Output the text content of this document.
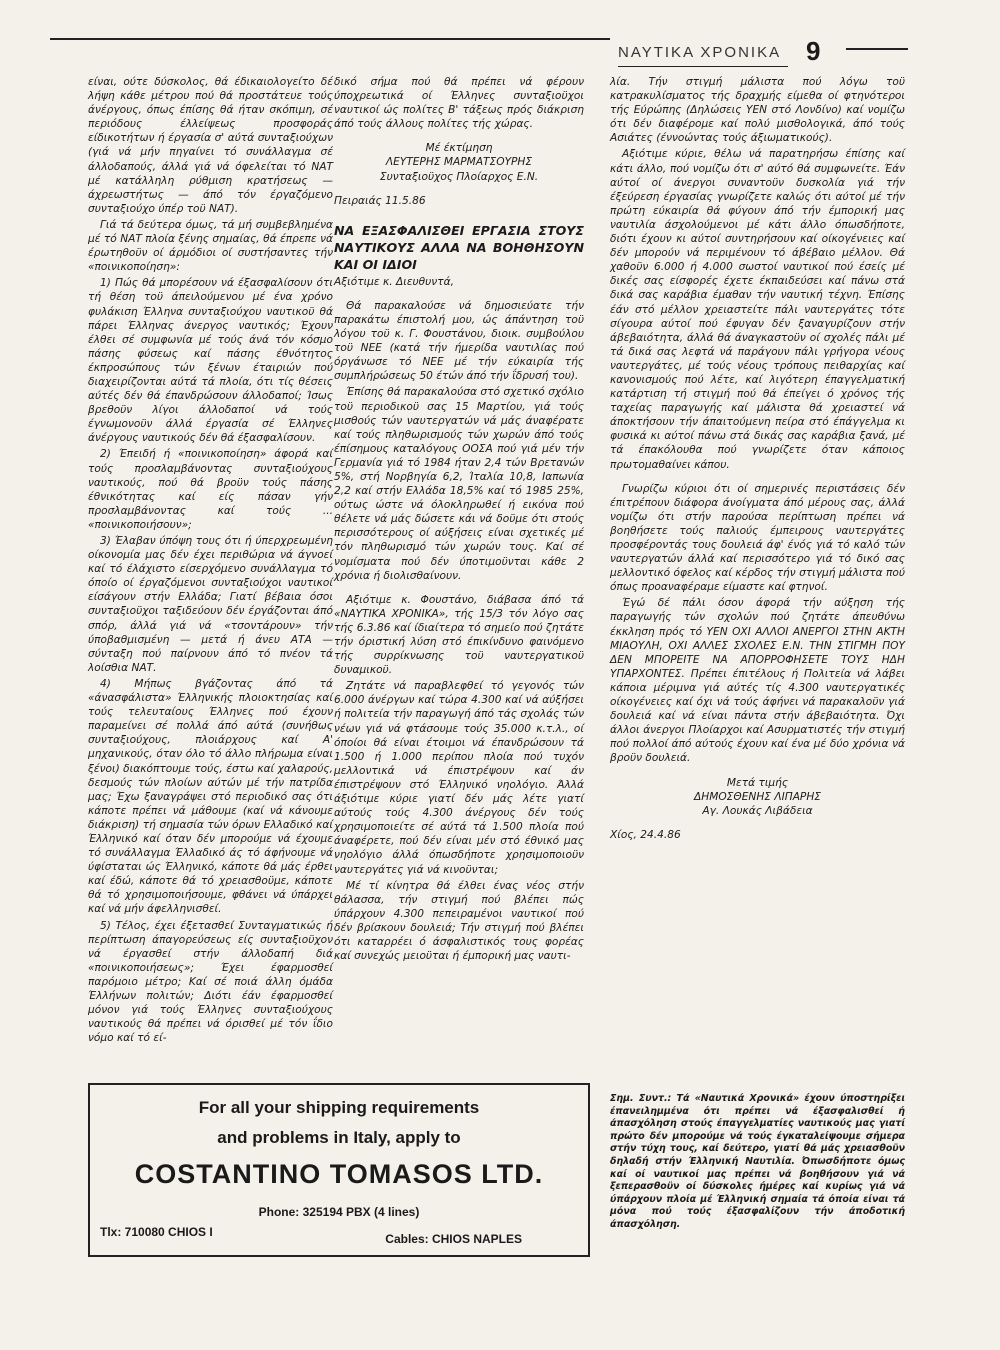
ΝΑΥΤΙΚΑ ΧΡΟΝΙΚΑ 9

είναι, ούτε δύσκολος, θά έδικαιολογείτο δέ λήψη κάθε μέτρου πού θά προστάτευε τούς άνέργους, όπως έπίσης θά ήταν σκόπιμη, σέ περιόδους έλλείψεως προσφοράς είδικοτήτων ή έργασία σ' αύτά συνταξιούχων (γιά νά μήν πηγαίνει τό συνάλλαγμα σέ άλλοδαπούς, άλλά γιά νά όφελείται τό ΝΑΤ μέ κατάλληλη ρύθμιση κρατήσεως — άχρεωστήτως — άπό τόν έργαζόμενο συνταξιούχο ύπέρ τοϋ ΝΑΤ).

Γιά τά δεύτερα όμως, τά μή συμβεβλημένα μέ τό ΝΑΤ πλοία ξένης σημαίας, θά έπρεπε νά έρωτηθοϋν οί άρμόδιοι οί συστήσαντες τήν «ποινικοποίηση»:

1) Πώς θά μπορέσουν νά έξασφαλίσουν ότι τή θέση τοϋ άπειλούμενου μέ ένα χρόνο φυλάκιση Έλληνα συνταξιούχου ναυτικοϋ θά πάρει Έλληνας άνεργος ναυτικός; Έχουν έλθει σέ συμφωνία μέ τούς άνά τόν κόσμο πάσης φύσεως καί πάσης έθνότητος έκπροσώπους τών ξένων έταιριών πού διαχειρίζονται αύτά τά πλοία, ότι τίς θέσεις αύτές δέν θά έπανδρώσουν άλλοδαποί; Ίσως βρεθοϋν λίγοι άλλοδαποί νά τούς έγνωμονοϋν άλλά έργασία σέ Έλληνες άνέργους ναυτικούς δέν θά έξασφαλίσουν.

2) Έπειδή ή «ποινικοποίηση» άφορά καί τούς προσλαμβάνοντας συνταξιούχους ναυτικούς, πού θά βροϋν τούς πάσης έθνικότητας καί είς πάσαν γήν προσλαμβάνοντας καί τούς ... «ποινικοποιήσουν»;

3) Έλαβαν ύπόψη τους ότι ή ύπερχρεωμένη οίκονομία μας δέν έχει περιθώρια νά άγνοεί καί τό έλάχιστο είσερχόμενο συνάλλαγμα τό όποίο οί έργαζόμενοι συνταξιούχοι ναυτικοί είσάγουν στήν Ελλάδα; Γιατί βέβαια όσοι συνταξιοϋχοι ταξιδεύουν δέν έργάζονται άπό σπόρ, άλλά γιά νά «τσοντάρουν» τήν ύποβαθμισμένη — μετά ή άνευ ΑΤΑ — σύνταξη πού παίρνουν άπό τό πνέον τά λοίσθια ΝΑΤ.

4) Μήπως βγάζοντας άπό τά «άνασφάλιστα» Έλληνικής πλοιοκτησίας καί τούς τελευταίους Έλληνες πού έχουν παραμείνει σέ πολλά άπό αύτά (συνήθως συνταξιούχους, πλοιάρχους καί Α' μηχανικούς, όταν όλο τό άλλο πλήρωμα είναι ξένοι) διακόπτουμε τούς, έστω καί χαλαρούς, δεσμούς τών πλοίων αύτών μέ τήν πατρίδα μας; Έχω ξαναγράψει στό περιοδικό σας ότι κάποτε πρέπει νά μάθουμε (καί νά κάνουμε διάκριση) τή σημασία τών όρων Ελλαδικό καί Έλληνικό καί όταν δέν μπορούμε νά έχουμε τό συνάλλαγμα Έλλαδικό άς τό άφήνουμε νά ύφίσταται ώς Έλληνικό, κάποτε θά μάς έρθει καί έδώ, κάποτε θά τό χρειασθοϋμε, κάποτε θά τό χρησιμοποιήσουμε, φθάνει νά ύπάρχει καί νά μήν άφελληνισθεί.

5) Τέλος, έχει έξετασθεί Συνταγματικώς ή περίπτωση άπαγορεύσεως είς συνταξιοϋχον νά έργασθεί στήν άλλοδαπή διά «ποινικοποιήσεως»; Έχει έφαρμοσθεί παρόμοιο μέτρο; Καί σέ ποιά άλλη όμάδα Έλλήνων πολιτών; Διότι έάν έφαρμοσθεί μόνον γιά τούς Έλληνες συνταξιούχους ναυτικούς θά πρέπει νά όρισθεί μέ τόν ΐδιο νόμο καί τό εί-

δικό σήμα πού θά πρέπει νά φέρουν ύποχρεωτικά οί Έλληνες συνταξιοϋχοι ναυτικοί ώς πολίτες Β' τάξεως πρός διάκριση άπό τούς άλλους πολίτες τής χώρας.

Μέ έκτίμηση

ΛΕΥΤΕΡΗΣ ΜΑΡΜΑΤΣΟΥΡΗΣ

Συνταξιοϋχος Πλοίαρχος Ε.Ν.

Πειραιάς 11.5.86

ΝΑ ΕΞΑΣΦΑΛΙΣΘΕΙ ΕΡΓΑΣΙΑ ΣΤΟΥΣ ΝΑΥΤΙΚΟΥΣ ΑΛΛΑ ΝΑ ΒΟΗΘΗΣΟΥΝ ΚΑΙ ΟΙ ΙΔΙΟΙ

Αξιότιμε κ. Διευθυντά,

Θά παρακαλούσε νά δημοσιεύατε τήν παρακάτω έπιστολή μου, ώς άπάντηση τοϋ λόγου τοϋ κ. Γ. Φουστάνου, διοικ. συμβούλου τοϋ ΝΕΕ (κατά τήν ήμερίδα ναυτιλίας πού όργάνωσε τό ΝΕΕ μέ τήν εύκαιρία τής συμπλήρώσεως 50 έτών άπό τήν ΐδρυσή του).

Έπίσης θά παρακαλούσα στό σχετικό σχόλιο τοϋ περιοδικοϋ σας 15 Μαρτίου, γιά τούς μισθούς τών ναυτεργατών νά μάς άναφέρατε καί τούς πληθωρισμούς τών χωρών άπό τούς έπίσημους καταλόγους ΟΟΣΑ πού γιά μέν τήν Γερμανία γιά τό 1984 ήταν 2,4 τών Βρετανών 5%, στή Νορβηγία 6,2, Ίταλία 10,8, Ιαπωνία 2,2 καί στήν Ελλάδα 18,5% καί τό 1985 25%, ούτως ώστε νά όλοκληρωθεί ή εικόνα πού θέλετε νά μάς δώσετε κάι νά δοϋμε ότι στούς περισσότερους οί αύξήσεις είναι σχετικές μέ τόν πληθωρισμό τών χωρών τους. Καί σέ νομίσματα πού δέν ύποτιμοϋνται κάθε 2 χρόνια ή διολισθαίνουν.

Αξιότιμε κ. Φουστάνο, διάβασα άπό τά «ΝΑΥΤΙΚΑ ΧΡΟΝΙΚΑ», τής 15/3 τόν λόγο σας τής 6.3.86 καί ίδιαίτερα τό σημείο πού ζητάτε τήν όριστική λύση στό έπικίνδυνο φαινόμενο τής συρρίκνωσης τοϋ ναυτεργατικοϋ δυναμικοϋ.

Ζητάτε νά παραβλεφθεί τό γεγονός τών 6.000 άνέργων καί τώρα 4.300 καί νά αύξήσει ή πολιτεία τήν παραγωγή άπό τάς σχολάς τών νέων γιά νά φτάσουμε τούς 35.000 κ.τ.λ., οί όποίοι θά είναι έτοιμοι νά έπανδρώσουν τά 1.500 ή 1.000 περίπου πλοία πού τυχόν μελλοντικά νά έπιστρέψουν καί άν έπιστρέψουν στό Έλληνικό νηολόγιο. Άλλά άξιότιμε κύριε γιατί δέν μάς λέτε γιατί αύτούς τούς 4.300 άνέργους δέν τούς χρησιμοποιείτε σέ αύτά τά 1.500 πλοία πού άναφέρετε, πού δέν είναι μέν στό έθνικό μας νηολόγιο άλλά όπωσδήποτε χρησιμοποιοϋν ναυτεργάτες γιά νά κινοϋνται;

Μέ τί κίνητρα θά έλθει ένας νέος στήν θάλασσα, τήν στιγμή πού βλέπει πώς ύπάρχουν 4.300 πεπειραμένοι ναυτικοί πού δέν βρίσκουν δουλειά; Τήν στιγμή πού βλέπει ότι καταρρέει ό άσφαλιστικός τους φορέας καί συνεχώς μειοϋται ή έμπορική μας ναυτι-

λία. Τήν στιγμή μάλιστα πού λόγω τοϋ κατρακυλίσματος τής δραχμής είμεθα οί φτηνότεροι τής Εύρώπης (Δηλώσεις ΥΕΝ στό Λονδίνο) καί νομίζω ότι δέν διαφέρομε καί πολύ μισθολογικά, άπό τούς Ασιάτες (έννοώντας τούς άξιωματικούς).

Αξιότιμε κύριε, θέλω νά παρατηρήσω έπίσης καί κάτι άλλο, πού νομίζω ότι σ' αύτό θά συμφωνείτε. Έάν αύτοί οί άνεργοι συναντοϋν δυσκολία γιά τήν έξεύρεση έργασίας γνωρίζετε καλώς ότι αύτοί μέ τήν πρώτη εύκαιρία θά φύγουν άπό τήν έμπορική μας ναυτιλία άσχολούμενοι μέ κάτι άλλο όπωσδήποτε, διότι έχουν κι αύτοί συντηρήσουν καί οίκογένειες καί δέν μπορούν νά περιμένουν τό άβέβαιο μέλλον. Θά χαθοϋν 6.000 ή 4.000 σωστοί ναυτικοί πού έσείς μέ δικές σας είσφορές έχετε έκπαιδεύσει καί πάνω στά δικά σας καράβια έμαθαν τήν ναυτική τέχνη. Έπίσης έάν στό μέλλον χρειαστείτε πάλι ναυτεργάτες τότε σίγουρα αύτοί πού έφυγαν δέν ξαναγυρίζουν στήν άβεβαιότητα, άλλά θά άναγκαστοϋν οί σχολές πάλι μέ τά δικά σας λεφτά νά παράγουν πάλι γρήγορα νέους ναυτεργάτες, μέ τούς νέους τρόπους πειθαρχίας καί κανονισμούς πού λέτε, καί λιγότερη έπαγγελματική κατάρτιση τή στιγμή πού θά έπείγει ό χρόνος τής ταχείας παραγωγής καί μάλιστα θά χρειαστεί νά άποκτήσουν τήν άπαιτούμενη πείρα στό έπάγγελμα κι φυσικά κι αύτοί πάνω στά δικάς σας καράβια ξανά, μέ τά έπακόλουθα πού γνωρίζετε όταν κάποιος πρωτομαθαίνει κάπου.

Γνωρίζω κύριοι ότι οί σημερινές περιστάσεις δέν έπιτρέπουν διάφορα άνοίγματα άπό μέρους σας, άλλά νομίζω ότι στήν παρούσα περίπτωση πρέπει νά βοηθήσετε τούς παλιούς έμπειρους ναυτεργάτες προσφέροντάς τους δουλειά άφ' ένός γιά τό καλό τών ναυτεργατών άλλά καί περισσότερο γιά τό δικό σας μελλοντικό όφελος καί κέρδος τήν στιγμή μάλιστα πού όπως προαναφέραμε είμαστε καί φτηνοί.

Έγώ δέ πάλι όσον άφορά τήν αύξηση τής παραγωγής τών σχολών πού ζητάτε άπευθύνω έκκληση πρός τό ΥΕΝ ΟΧΙ ΑΛΛΟΙ ΑΝΕΡΓΟΙ ΣΤΗΝ ΑΚΤΗ ΜΙΑΟΥΛΗ, ΟΧΙ ΑΛΛΕΣ ΣΧΟΛΕΣ Ε.Ν. ΤΗΝ ΣΤΙΓΜΗ ΠΟΥ ΔΕΝ ΜΠΟΡΕΙΤΕ ΝΑ ΑΠΟΡΡΟΦΗΣΕΤΕ ΤΟΥΣ ΗΔΗ ΥΠΑΡΧΟΝΤΕΣ. Πρέπει έπιτέλους ή Πολιτεία νά λάβει κάποια μέριμνα γιά αύτές τίς 4.300 ναυτεργατικές οίκογένειες καί όχι νά τούς άφήνει νά παρακαλοϋν γιά δουλειά καί νά είναι πάντα στήν άβεβαιότητα. Όχι άλλοι άνεργοι Πλοίαρχοι καί Ασυρματιστές τήν στιγμή πού πολλοί άπό αύτούς έχουν καί ένα μέ δύο χρόνια νά βροϋν δουλειά.

Μετά τιμής

ΔΗΜΟΣΘΕΝΗΣ ΛΙΠΑΡΗΣ

Αγ. Λουκάς Λιβάδεια

Χίος, 24.4.86

Σημ. Συντ.: Τά «Ναυτικά Χρονικά» έχουν ύποστηρίξει έπανειλημμένα ότι πρέπει νά έξασφαλισθεί ή άπασχόληση στούς έπαγγελματίες ναυτικούς μας γιατί πρώτο δέν μπορούμε νά τούς έγκαταλείψουμε σήμερα στήν τύχη τους, καί δεύτερο, γιατί θά μάς χρειασθοϋν δηλαδή στήν Έλληνική Ναυτιλία. Όπωσδήποτε όμως καί οί ναυτικοί μας πρέπει νά βοηθήσουν γιά νά ξεπερασθοϋν οί δύσκολες ήμέρες καί κυρίως γιά νά ύπάρχουν πλοία μέ Έλληνική σημαία τά όποία είναι τά μόνα πού τούς έξασφαλίζουν τήν άποδοτική άπασχόληση.

For all your shipping requirements
and problems in Italy, apply to
COSTANTINO TOMASOS LTD.
Phone: 325194 PBX (4 lines)
Tlx: 710080 CHIOS I	Cables: CHIOS NAPLES
